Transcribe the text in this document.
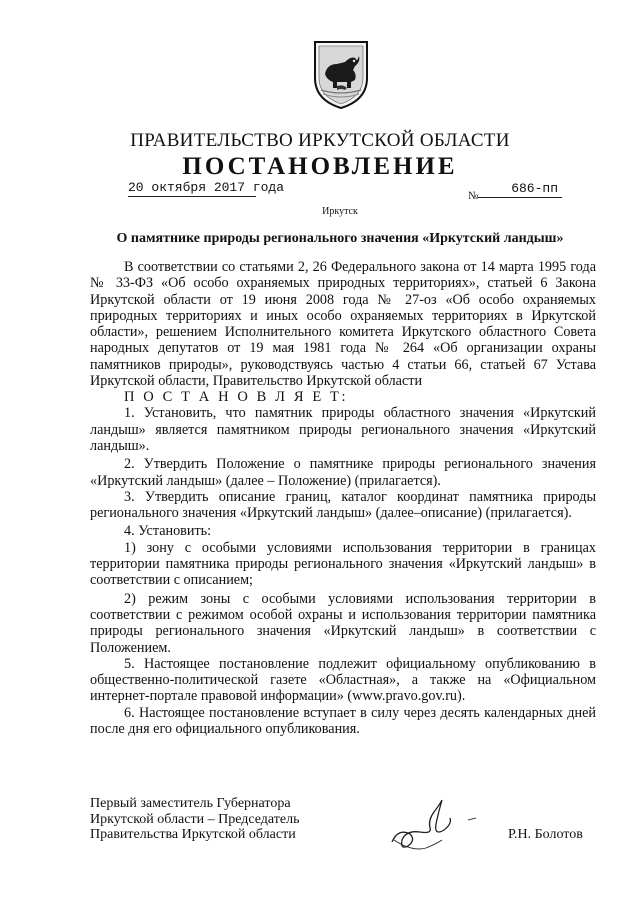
ПРАВИТЕЛЬСТВО ИРКУТСКОЙ ОБЛАСТИ
ПОСТАНОВЛЕНИЕ
20 октября 2017 года
№	686-пп
Иркутск
О памятнике природы регионального значения «Иркутский ландыш»

В соответствии со статьями 2, 26 Федерального закона от 14 марта 1995 года № 33-ФЗ «Об особо охраняемых природных территориях», статьей 6 Закона Иркутской области от 19 июня 2008 года № 27-оз «Об особо охраняемых природных территориях и иных особо охраняемых территориях в Иркутской области», решением Исполнительного комитета Иркутского областного Совета народных депутатов от 19 мая 1981 года № 264 «Об организации охраны памятников природы», руководствуясь частью 4 статьи 66, статьей 67 Устава Иркутской области, Правительство Иркутской области

П О С Т А Н О В Л Я Е Т:

1. Установить, что памятник природы областного значения «Иркутский ландыш» является памятником природы регионального значения «Иркутский ландыш».

2. Утвердить Положение о памятнике природы регионального значения «Иркутский ландыш» (далее – Положение) (прилагается).

3. Утвердить описание границ, каталог координат памятника природы регионального значения «Иркутский ландыш» (далее–описание) (прилагается).

4. Установить:

1) зону с особыми условиями использования территории в границах территории памятника природы регионального значения «Иркутский ландыш» в соответствии с описанием;

2) режим зоны с особыми условиями использования территории в соответствии с режимом особой охраны и использования территории памятника природы регионального значения «Иркутский ландыш» в соответствии с Положением.

5. Настоящее постановление подлежит официальному опубликованию в общественно-политической газете «Областная», а также на «Официальном интернет-портале правовой информации» (www.pravo.gov.ru).

6. Настоящее постановление вступает в силу через десять календарных дней после дня его официального опубликования.

Первый заместитель Губернатора
Иркутской области – Председатель
Правительства Иркутской области	Р.Н. Болотов
